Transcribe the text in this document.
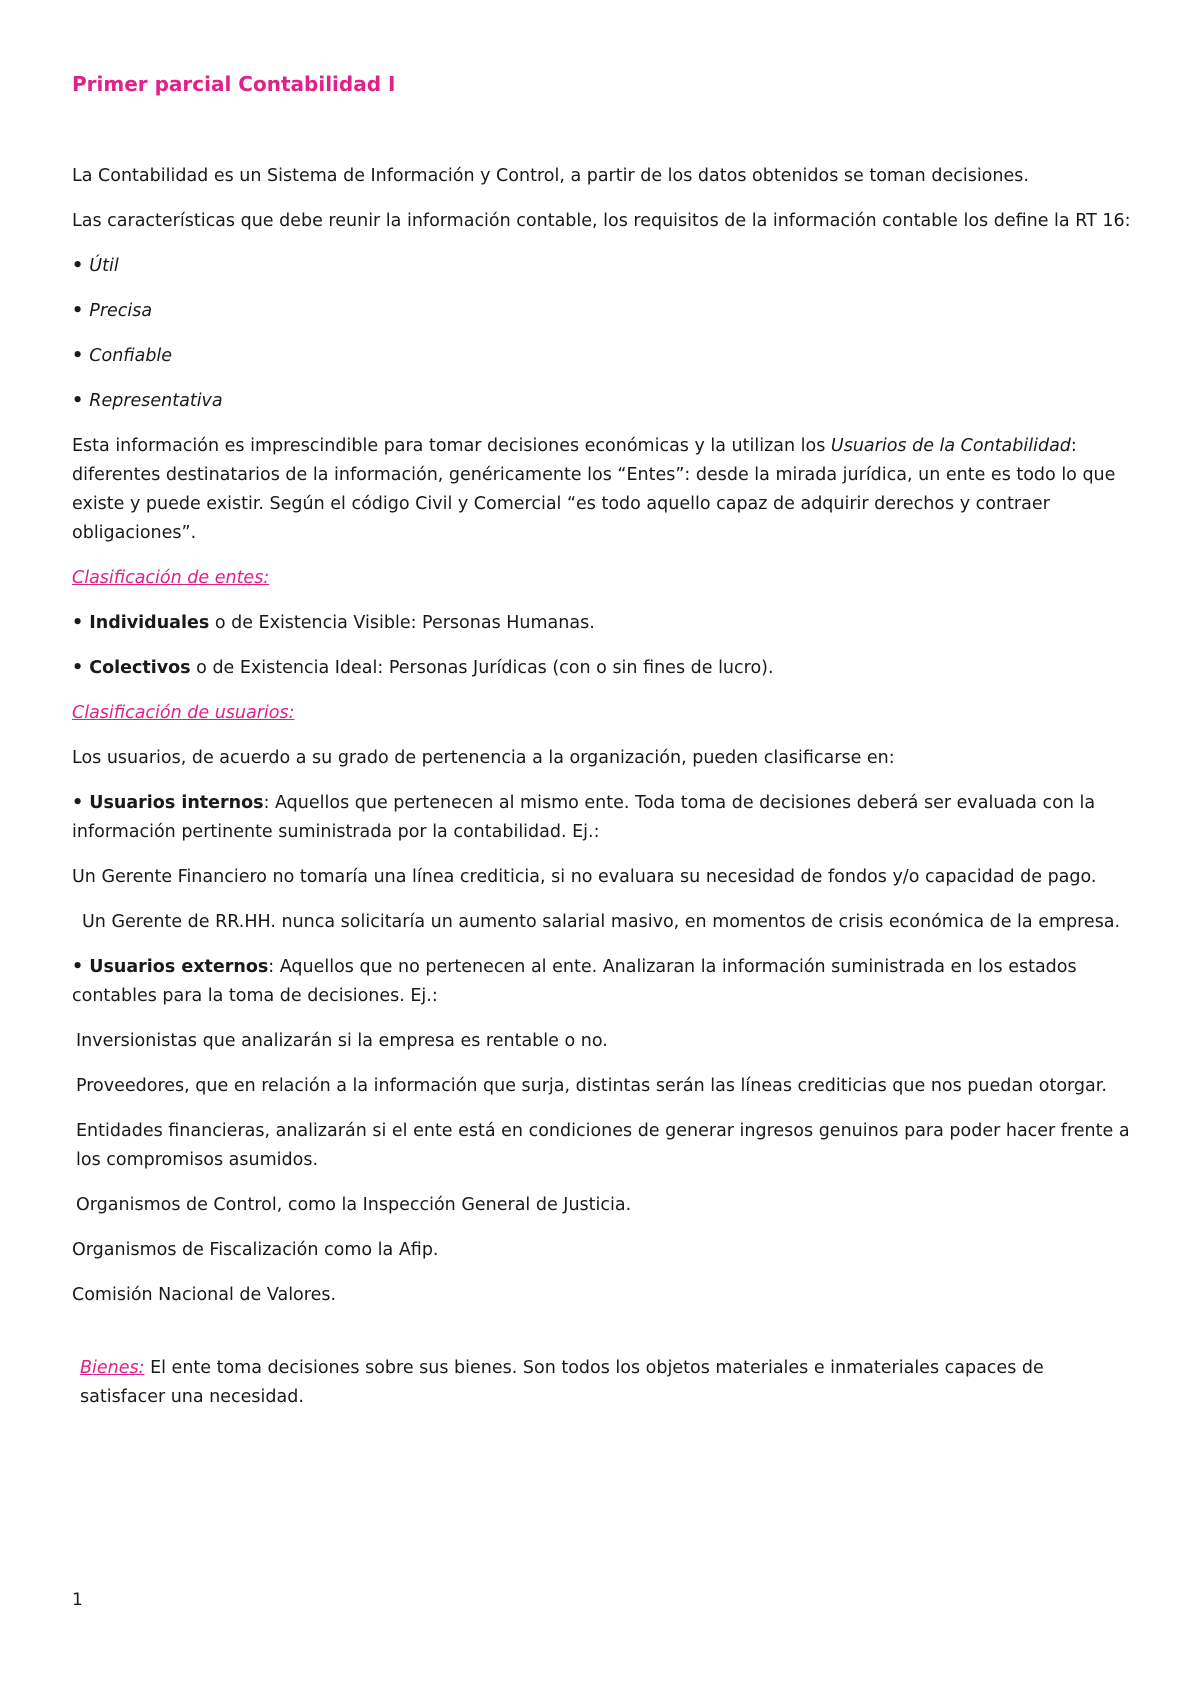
Primer parcial Contabilidad I

La Contabilidad es un Sistema de Información y Control, a partir de los datos obtenidos se toman decisiones.

Las características que debe reunir la información contable, los requisitos de la información contable los define la RT 16:

• Útil

• Precisa

• Confiable

• Representativa

Esta información es imprescindible para tomar decisiones económicas y la utilizan los Usuarios de la Contabilidad: diferentes destinatarios de la información, genéricamente los “Entes”: desde la mirada jurídica, un ente es todo lo que existe y puede existir. Según el código Civil y Comercial “es todo aquello capaz de adquirir derechos y contraer obligaciones”.

Clasificación de entes:

• Individuales o de Existencia Visible: Personas Humanas.

• Colectivos o de Existencia Ideal: Personas Jurídicas (con o sin fines de lucro).

Clasificación de usuarios:

Los usuarios, de acuerdo a su grado de pertenencia a la organización, pueden clasificarse en:

• Usuarios internos: Aquellos que pertenecen al mismo ente. Toda toma de decisiones deberá ser evaluada con la información pertinente suministrada por la contabilidad. Ej.:

Un Gerente Financiero no tomaría una línea crediticia, si no evaluara su necesidad de fondos y/o capacidad de pago.

Un Gerente de RR.HH. nunca solicitaría un aumento salarial masivo, en momentos de crisis económica de la empresa.

• Usuarios externos: Aquellos que no pertenecen al ente. Analizaran la información suministrada en los estados contables para la toma de decisiones. Ej.:

Inversionistas que analizarán si la empresa es rentable o no.

Proveedores, que en relación a la información que surja, distintas serán las líneas crediticias que nos puedan otorgar.

Entidades financieras, analizarán si el ente está en condiciones de generar ingresos genuinos para poder hacer frente a los compromisos asumidos.

Organismos de Control, como la Inspección General de Justicia.

Organismos de Fiscalización como la Afip.

Comisión Nacional de Valores.

Bienes: El ente toma decisiones sobre sus bienes. Son todos los objetos materiales e inmateriales capaces de satisfacer una necesidad.

1
